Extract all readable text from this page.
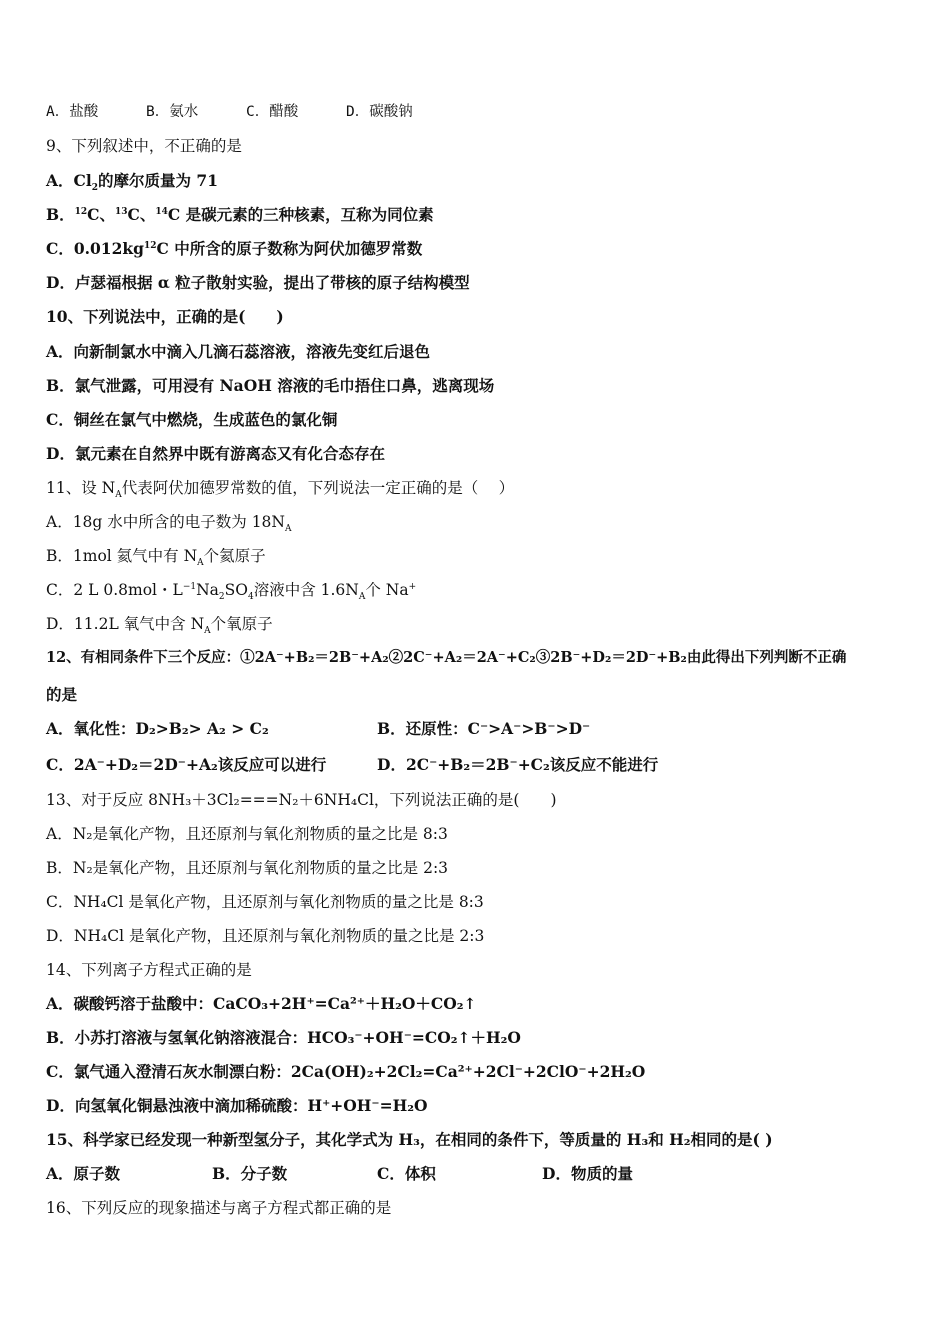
A．盐酸	B．氨水	C．醋酸	D．碳酸钠
9、下列叙述中，不正确的是
A．$Cl_2$的摩尔质量为 71
B．$^{12}$C、$^{13}$C、$^{14}$C 是碳元素的三种核素，互称为同位素
C．$0.012kg^{12}C$ 中所含的原子数称为阿伏加德罗常数
D．卢瑟福根据 α 粒子散射实验，提出了带核的原子结构模型
10、下列说法中，正确的是(　　)
A．向新制氯水中滴入几滴石蕊溶液，溶液先变红后退色
B．氯气泄露，可用浸有 NaOH 溶液的毛巾捂住口鼻，逃离现场
C．铜丝在氯气中燃烧，生成蓝色的氯化铜
D．氯元素在自然界中既有游离态又有化合态存在
11、设 $N_A$代表阿伏加德罗常数的值，下列说法一定正确的是（　 ）
A．18g 水中所含的电子数为 $18N_A$
B．1mol 氦气中有 $N_A$个氦原子
C．2 L 0.8mol・$L^{-1}Na_2SO_4$溶液中含 $1.6N_A$个 Na+
D．11.2L 氧气中含 $N_A$个氧原子
12、有相同条件下三个反应：①2A⁻+B₂＝2B⁻+A₂②2C⁻+A₂＝2A⁻+C₂③2B⁻+D₂＝2D⁻+B₂由此得出下列判断不正确
的是
A．氧化性：D₂>B₂> A₂ > C₂	B．还原性：C⁻>A⁻>B⁻>D⁻
C．2A⁻+D₂＝2D⁻+A₂该反应可以进行	D．2C⁻+B₂＝2B⁻+C₂该反应不能进行
13、对于反应 8NH₃＋3Cl₂===N₂＋6NH₄Cl，下列说法正确的是(　　)
A．N₂是氧化产物，且还原剂与氧化剂物质的量之比是 8:3
B．N₂是氧化产物，且还原剂与氧化剂物质的量之比是 2:3
C．NH₄Cl 是氧化产物，且还原剂与氧化剂物质的量之比是 8:3
D．NH₄Cl 是氧化产物，且还原剂与氧化剂物质的量之比是 2:3
14、下列离子方程式正确的是
A．碳酸钙溶于盐酸中：CaCO₃+2H⁺=Ca²⁺＋H₂O＋CO₂↑
B．小苏打溶液与氢氧化钠溶液混合：HCO₃⁻+OH⁻=CO₂↑＋H₂O
C．氯气通入澄清石灰水制漂白粉：2Ca(OH)₂+2Cl₂=Ca²⁺+2Cl⁻+2ClO⁻+2H₂O
D．向氢氧化铜悬浊液中滴加稀硫酸：H⁺+OH⁻=H₂O
15、科学家已经发现一种新型氢分子，其化学式为 H₃，在相同的条件下，等质量的 H₃和 H₂相同的是( )
A．原子数	B．分子数	C．体积	D．物质的量
16、下列反应的现象描述与离子方程式都正确的是
